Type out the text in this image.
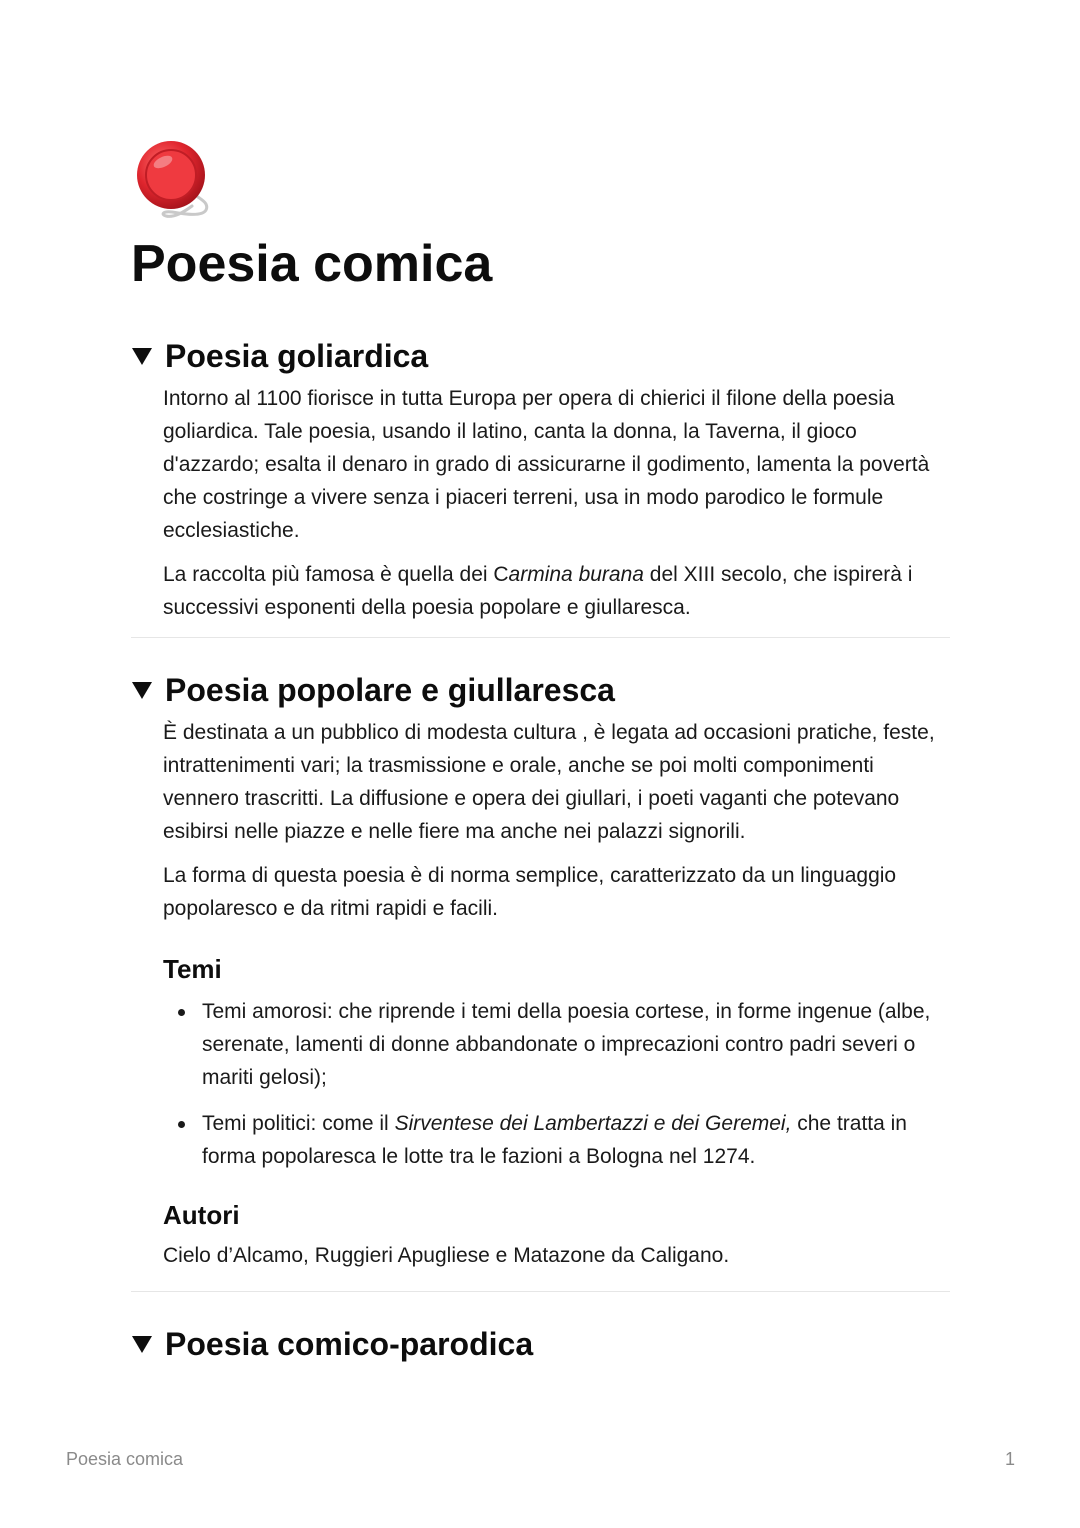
Poesia comica
Poesia goliardica

Intorno al 1100 fiorisce in tutta Europa per opera di chierici il filone della poesia goliardica. Tale poesia, usando il latino, canta la donna, la Taverna, il gioco d'azzardo; esalta il denaro in grado di assicurarne il godimento, lamenta la povertà che costringe a vivere senza i piaceri terreni, usa in modo parodico le formule ecclesiastiche.

La raccolta più famosa è quella dei Carmina burana del XIII secolo, che ispirerà i successivi esponenti della poesia popolare e giullaresca.

Poesia popolare e giullaresca

È destinata a un pubblico di modesta cultura , è legata ad occasioni pratiche, feste, intrattenimenti vari; la trasmissione e orale, anche se poi molti componimenti vennero trascritti. La diffusione e opera dei giullari, i poeti vaganti che potevano esibirsi nelle piazze e nelle fiere ma anche nei palazzi signorili.

La forma di questa poesia è di norma semplice, caratterizzato da un linguaggio popolaresco e da ritmi rapidi e facili.

Temi
Temi amorosi: che riprende i temi della poesia cortese, in forme ingenue (albe, serenate, lamenti di donne abbandonate o imprecazioni contro padri severi o mariti gelosi);
Temi politici: come il Sirventese dei Lambertazzi e dei Geremei, che tratta in forma popolaresca le lotte tra le fazioni a Bologna nel 1274.
Autori

Cielo d’Alcamo, Ruggieri Apugliese e Matazone da Caligano.

Poesia comico-parodica
Poesia comica	1
